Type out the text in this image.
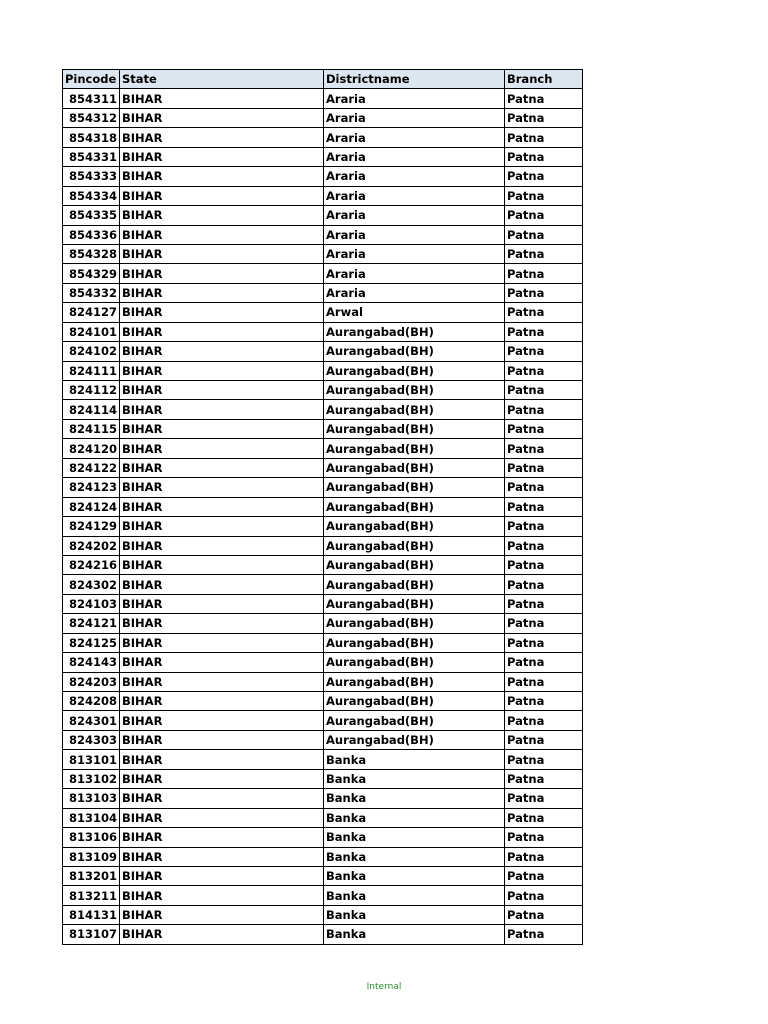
Pincode	State	Districtname	Branch
854311	BIHAR	Araria	Patna
854312	BIHAR	Araria	Patna
854318	BIHAR	Araria	Patna
854331	BIHAR	Araria	Patna
854333	BIHAR	Araria	Patna
854334	BIHAR	Araria	Patna
854335	BIHAR	Araria	Patna
854336	BIHAR	Araria	Patna
854328	BIHAR	Araria	Patna
854329	BIHAR	Araria	Patna
854332	BIHAR	Araria	Patna
824127	BIHAR	Arwal	Patna
824101	BIHAR	Aurangabad(BH)	Patna
824102	BIHAR	Aurangabad(BH)	Patna
824111	BIHAR	Aurangabad(BH)	Patna
824112	BIHAR	Aurangabad(BH)	Patna
824114	BIHAR	Aurangabad(BH)	Patna
824115	BIHAR	Aurangabad(BH)	Patna
824120	BIHAR	Aurangabad(BH)	Patna
824122	BIHAR	Aurangabad(BH)	Patna
824123	BIHAR	Aurangabad(BH)	Patna
824124	BIHAR	Aurangabad(BH)	Patna
824129	BIHAR	Aurangabad(BH)	Patna
824202	BIHAR	Aurangabad(BH)	Patna
824216	BIHAR	Aurangabad(BH)	Patna
824302	BIHAR	Aurangabad(BH)	Patna
824103	BIHAR	Aurangabad(BH)	Patna
824121	BIHAR	Aurangabad(BH)	Patna
824125	BIHAR	Aurangabad(BH)	Patna
824143	BIHAR	Aurangabad(BH)	Patna
824203	BIHAR	Aurangabad(BH)	Patna
824208	BIHAR	Aurangabad(BH)	Patna
824301	BIHAR	Aurangabad(BH)	Patna
824303	BIHAR	Aurangabad(BH)	Patna
813101	BIHAR	Banka	Patna
813102	BIHAR	Banka	Patna
813103	BIHAR	Banka	Patna
813104	BIHAR	Banka	Patna
813106	BIHAR	Banka	Patna
813109	BIHAR	Banka	Patna
813201	BIHAR	Banka	Patna
813211	BIHAR	Banka	Patna
814131	BIHAR	Banka	Patna
813107	BIHAR	Banka	Patna
Internal
